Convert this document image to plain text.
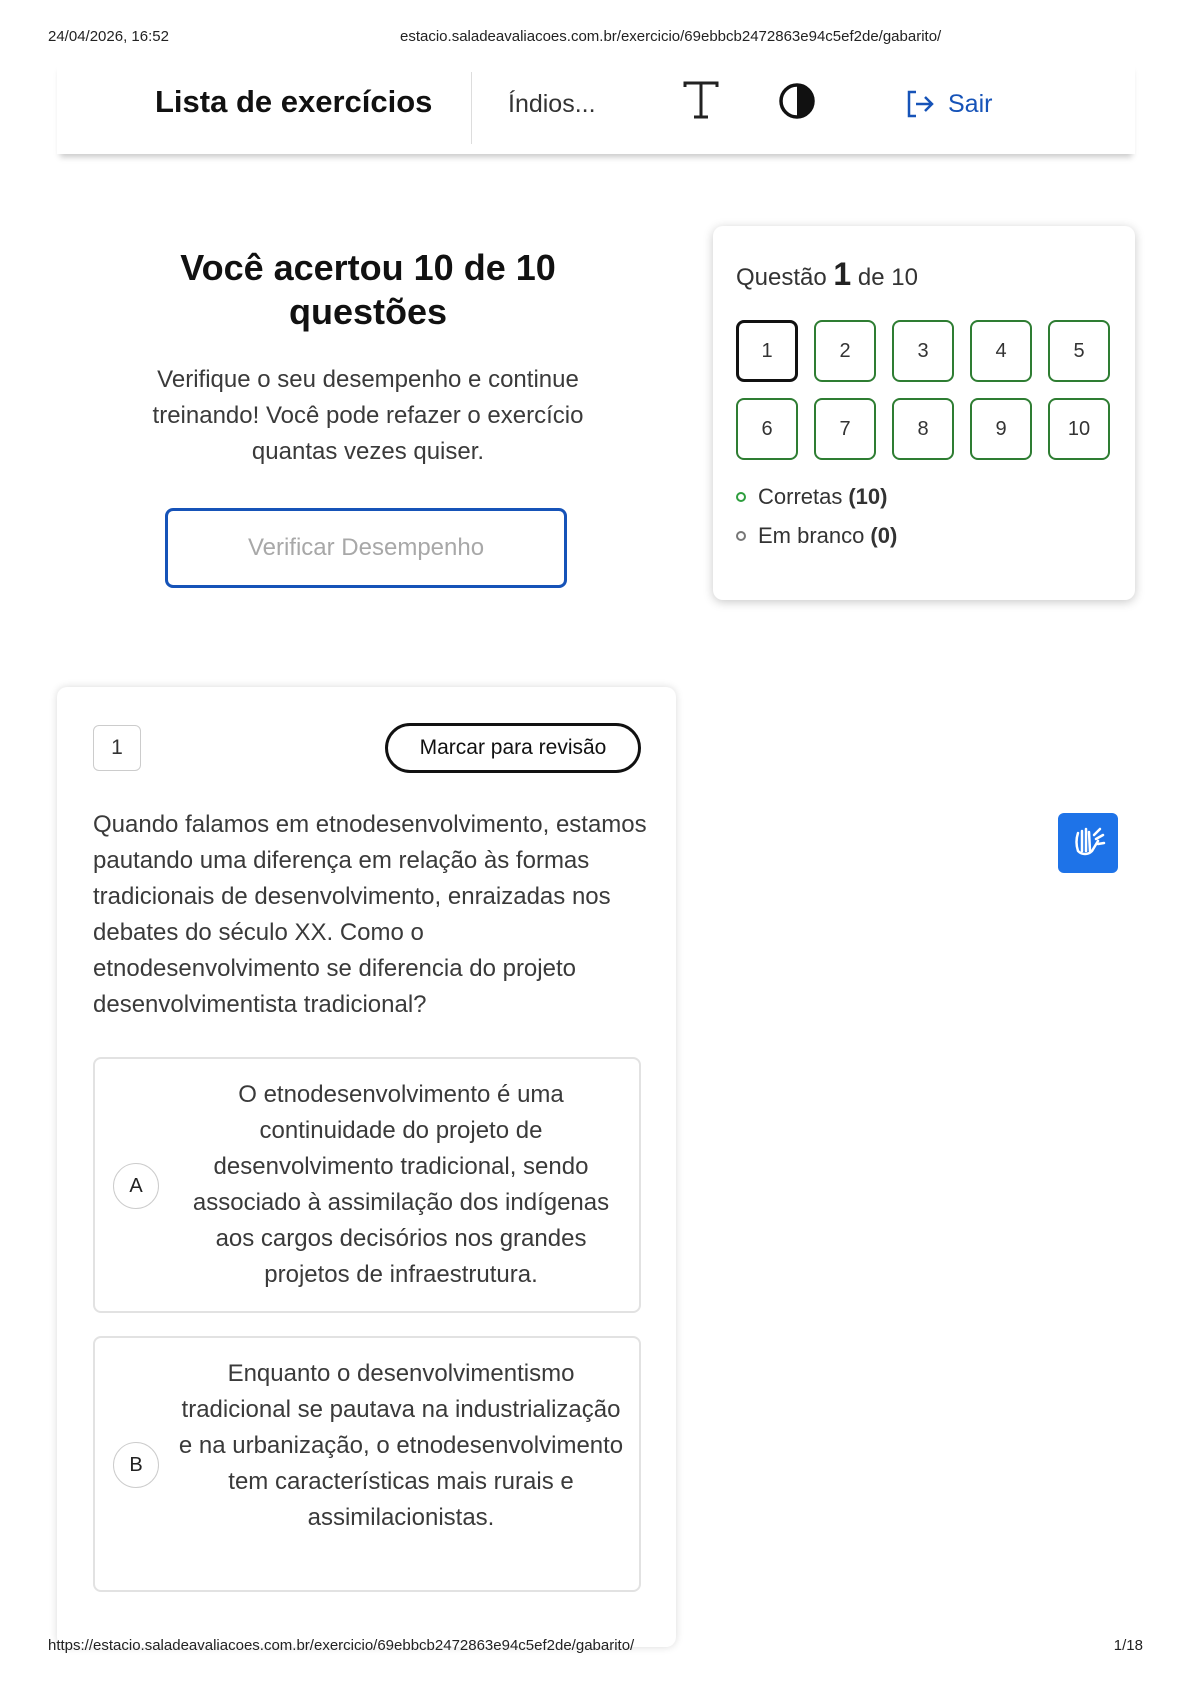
24/04/2026, 16:52	estacio.saladeavaliacoes.com.br/exercicio/69ebbcb2472863e94c5ef2de/gabarito/
Lista de exercícios	Índios...	Sair
Você acertou 10 de 10 questões

Verifique o seu desempenho e continue treinando! Você pode refazer o exercício quantas vezes quiser.

Verificar Desempenho
Questão 1 de 10
1	2	3	4	5
6	7	8	9	10
Corretas (10)
Em branco (0)
1	Marcar para revisão

Quando falamos em etnodesenvolvimento, estamos pautando uma diferença em relação às formas tradicionais de desenvolvimento, enraizadas nos debates do século XX. Como o etnodesenvolvimento se diferencia do projeto desenvolvimentista tradicional?

A
O etnodesenvolvimento é uma continuidade do projeto de desenvolvimento tradicional, sendo associado à assimilação dos indígenas aos cargos decisórios nos grandes projetos de infraestrutura.
B
Enquanto o desenvolvimentismo tradicional se pautava na industrialização e na urbanização, o etnodesenvolvimento tem características mais rurais e assimilacionistas.
https://estacio.saladeavaliacoes.com.br/exercicio/69ebbcb2472863e94c5ef2de/gabarito/	1/18
